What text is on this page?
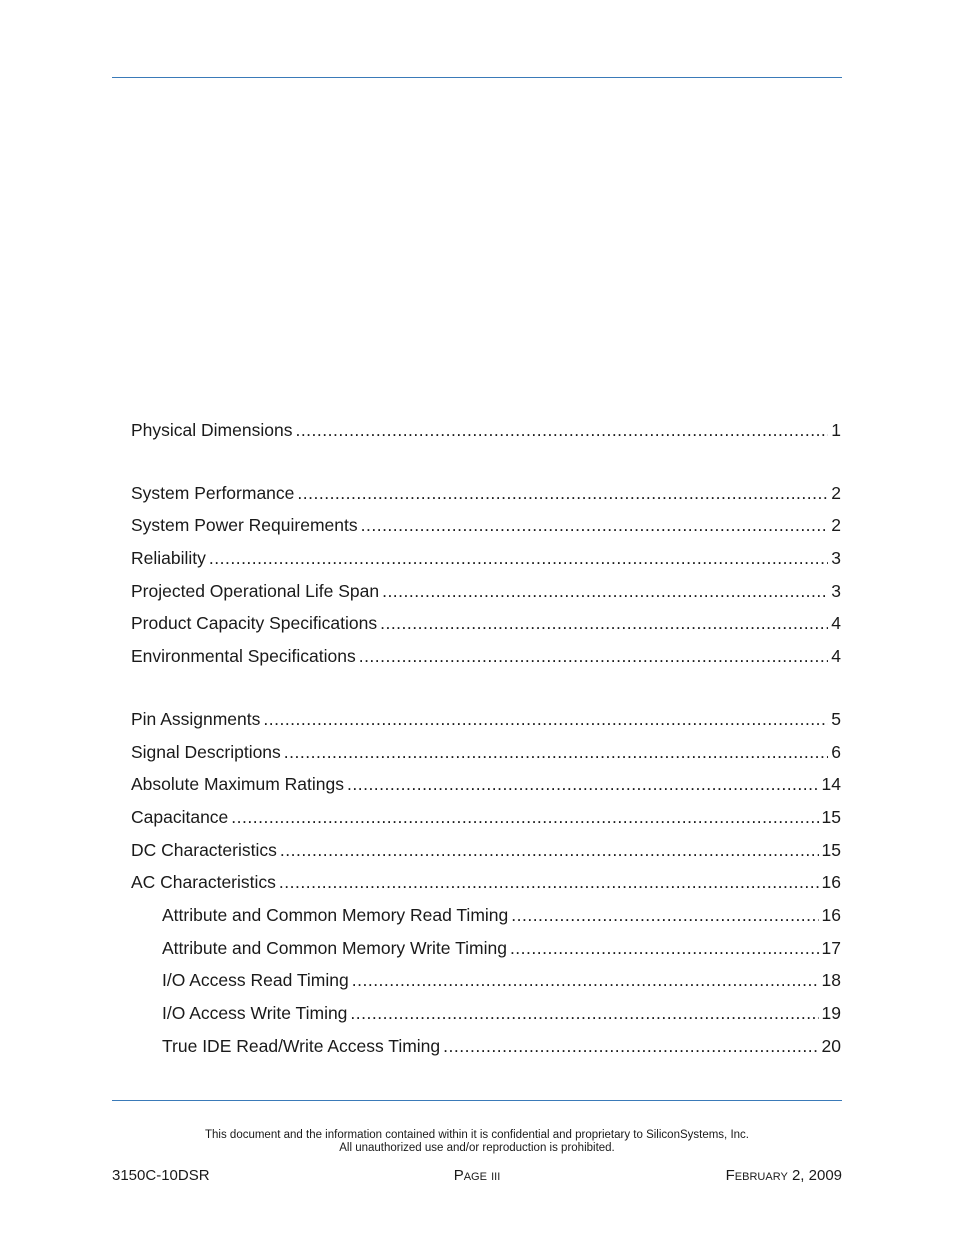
Physical Dimensions .....	1
System Performance .....	2
System Power Requirements .....	2
Reliability .....	3
Projected Operational Life Span .....	3
Product Capacity Specifications .....	4
Environmental Specifications .....	4
Pin Assignments .....	5
Signal Descriptions .....	6
Absolute Maximum Ratings .....	14
Capacitance .....	15
DC Characteristics .....	15
AC Characteristics .....	16
Attribute and Common Memory Read Timing .....	16
Attribute and Common Memory Write Timing .....	17
I/O Access Read Timing .....	18
I/O Access Write Timing .....	19
True IDE Read/Write Access Timing .....	20
This document and the information contained within it is confidential and proprietary to SiliconSystems, Inc.
All unauthorized use and/or reproduction is prohibited.
3150C-10DSR	Page iii	February 2, 2009
